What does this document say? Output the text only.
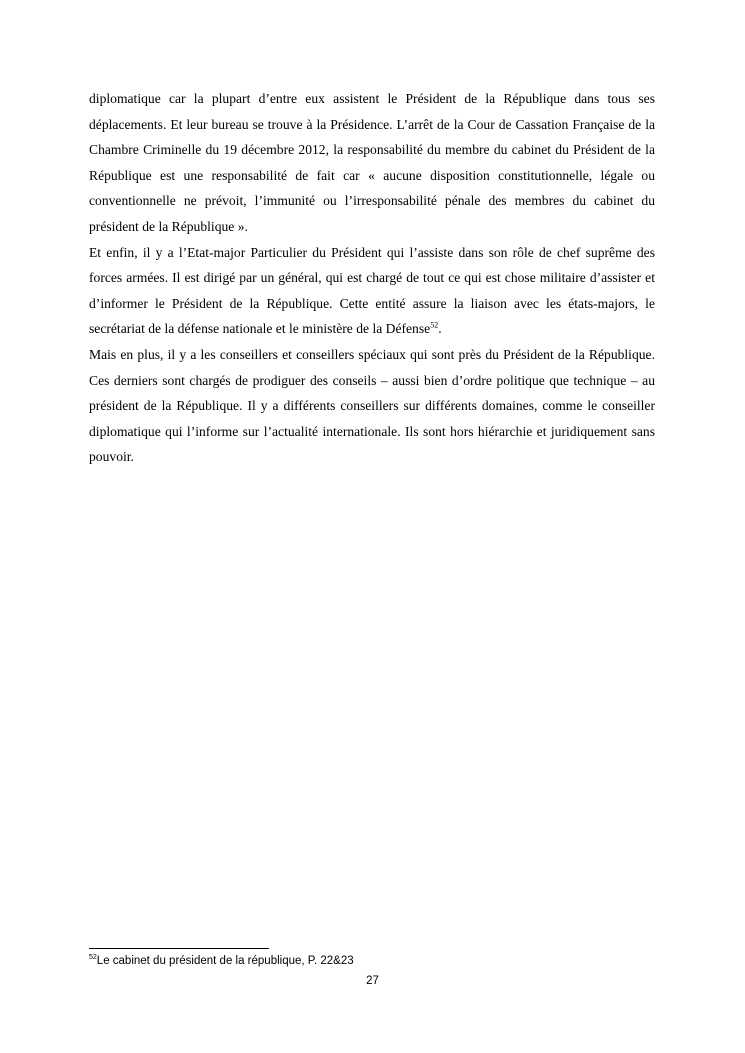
diplomatique car la plupart d’entre eux assistent le Président de la République dans tous ses déplacements. Et leur bureau se trouve à la Présidence. L’arrêt de la Cour de Cassation Française de la Chambre Criminelle du 19 décembre 2012, la responsabilité du membre du cabinet du Président de la République est une responsabilité de fait car « aucune disposition constitutionnelle, légale ou conventionnelle ne prévoit, l’immunité ou l’irresponsabilité pénale des membres du cabinet du président de la République ».

Et enfin, il y a l’Etat-major Particulier du Président qui l’assiste dans son rôle de chef suprême des forces armées. Il est dirigé par un général, qui est chargé de tout ce qui est chose militaire d’assister et d’informer le Président de la République. Cette entité assure la liaison avec les états-majors, le secrétariat de la défense nationale et le ministère de la Défense$^{52}$.

Mais en plus, il y a les conseillers et conseillers spéciaux qui sont près du Président de la République. Ces derniers sont chargés de prodiguer des conseils – aussi bien d’ordre politique que technique – au président de la République. Il y a différents conseillers sur différents domaines, comme le conseiller diplomatique qui l’informe sur l’actualité internationale. Ils sont hors hiérarchie et juridiquement sans pouvoir.

$^{52}$Le cabinet du président de la république, P. 22&23
27
